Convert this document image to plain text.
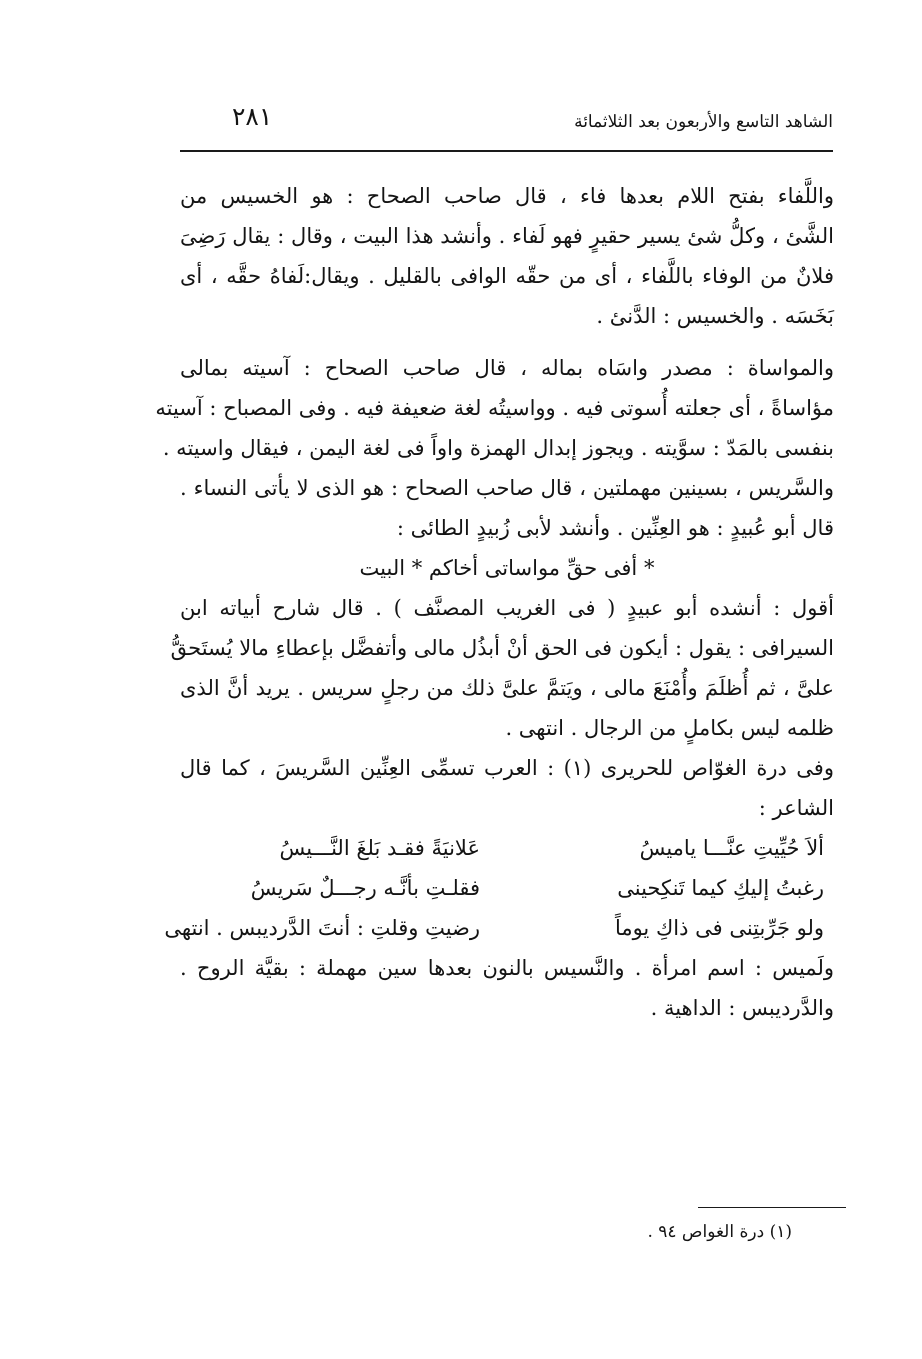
الشاهد التاسع والأربعون بعد الثلاثمائة
٢٨١
واللَّفاء بفتح اللام بعدها فاء ، قال صاحب الصحاح : هو الخسيس من
الشَّئ ، وكلُّ شئ يسير حقيرٍ فهو لَفاء . وأنشد هذا البيت ، وقال : يقال رَضِىَ
فلانٌ من الوفاء باللَّفاء ، أى من حقّه الوافى بالقليل . ويقال:لَفاهُ حقَّه ، أى
بَخَسَه . والخسيس : الدَّنئ .
والمواساة : مصدر واسَاه بماله ، قال صاحب الصحاح : آسيته بمالى
مؤاساةً ، أى جعلته أُسوتى فيه . وواسيتُه لغة ضعيفة فيه . وفى المصباح : آسيته
بنفسى بالمَدّ : سوَّيته . ويجوز إبدال الهمزة واواً فى لغة اليمن ، فيقال واسيته .
والسَّريس ، بسينين مهملتين ، قال صاحب الصحاح : هو الذى لا يأتى النساء .
قال أبو عُبيدٍ : هو العِنِّين . وأنشد لأبى زُبيدٍ الطائى :
* أفى حقِّ مواساتى أخاكم * البيت
أقول : أنشده أبو عبيدٍ ( فى الغريب المصنَّف ) . قال شارح أبياته ابن
السيرافى : يقول : أيكون فى الحق أنْ أبذُل مالى وأتفضَّل بإعطاءِ مالا يُستَحقُّ
علىَّ ، ثم أُظلَمَ وأُمْنَعَ مالى ، ويَتمَّ علىَّ ذلك من رجلٍ سريس . يريد أنَّ الذى
ظلمه ليس بكاملٍ من الرجال . انتهى .
وفى درة الغوّاص للحريرى (١) : العرب تسمِّى العِنِّين السَّريسَ ، كما قال
الشاعر :
ألاَ حُيِّيتِ عنَّـــا ياميسُ
عَلانيَةً فقـد بَلغَ النَّـــيسُ
رغبتُ إليكِ كيما تَنكِحينى
فقلـتِ بأنَّـه رجـــلٌ سَريسُ
ولو جَرِّبتِنى فى ذاكِ يوماً
رضيتِ وقلتِ : أنتَ الدَّرديبس . انتهى
ولَميس : اسم امرأة . والنَّسيس بالنون بعدها سين مهملة : بقيَّة الروح .
والدَّرديبس : الداهية .
(١) درة الغواص ٩٤ .
